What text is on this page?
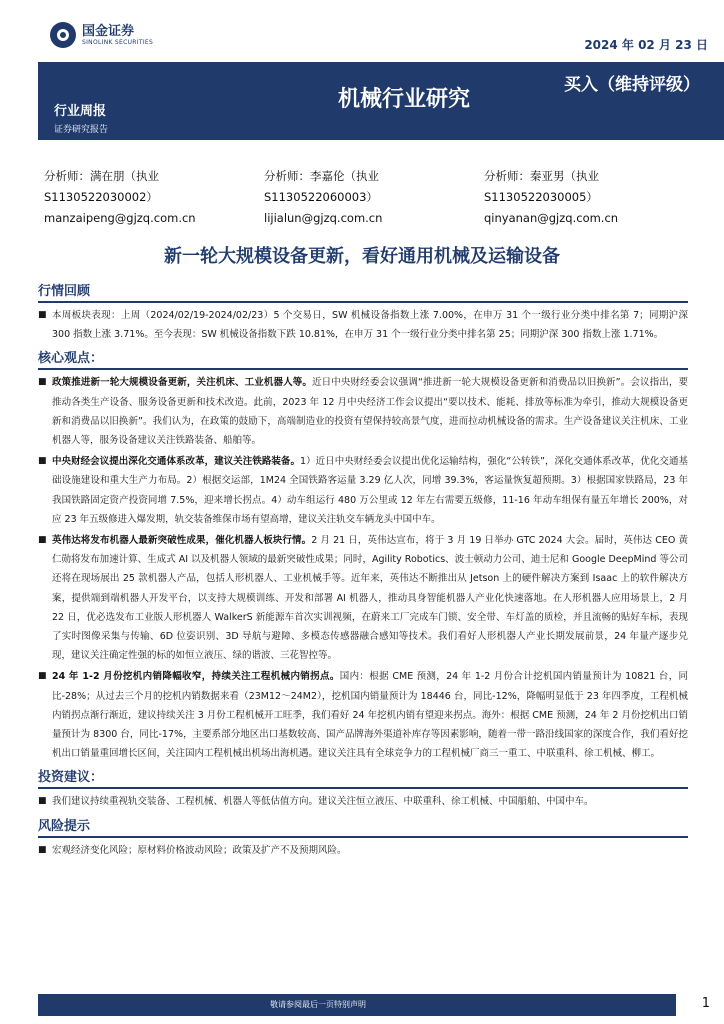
国金证券
SINOLINK SECURITIES	2024 年 02 月 23 日
买入（维持评级）
机械行业研究
行业周报
证券研究报告
分析师：满在朋（执业
S1130522030002）
manzaipeng@gjzq.com.cn
分析师：李嘉伦（执业
S1130522060003）
lijialun@gjzq.com.cn
分析师：秦亚男（执业
S1130522030005）
qinyanan@gjzq.com.cn
新一轮大规模设备更新，看好通用机械及运输设备
行情回顾
■ 本周板块表现：上周（2024/02/19-2024/02/23）5 个交易日，SW 机械设备指数上涨 7.00%，在申万 31 个一级行业分类中排名第 7；同期沪深 300 指数上涨 3.71%。至今表现：SW 机械设备指数下跌 10.81%，在申万 31 个一级行业分类中排名第 25；同期沪深 300 指数上涨 1.71%。
核心观点：
■ 政策推进新一轮大规模设备更新，关注机床、工业机器人等。近日中央财经委会议强调“推进新一轮大规模设备更新和消费品以旧换新”。会议指出，要推动各类生产设备、服务设备更新和技术改造。此前，2023 年 12 月中央经济工作会议提出“要以技术、能耗、排放等标准为牵引，推动大规模设备更新和消费品以旧换新”。我们认为，在政策的鼓励下，高端制造业的投资有望保持较高景气度，进而拉动机械设备的需求。生产设备建议关注机床、工业机器人等，服务设备建议关注铁路装备、船舶等。
■ 中央财经会议提出深化交通体系改革，建议关注铁路装备。1）近日中央财经委会议提出优化运输结构，强化“公转铁”，深化交通体系改革，优化交通基础设施建设和重大生产力布局。2）根据交运部，1M24 全国铁路客运量 3.29 亿人次，同增 39.3%，客运量恢复超预期。3）根据国家铁路局，23 年我国铁路固定资产投资同增 7.5%，迎来增长拐点。4）动车组运行 480 万公里或 12 年左右需要五级修，11-16 年动车组保有量五年增长 200%，对应 23 年五级修进入爆发期，轨交装备维保市场有望高增，建议关注轨交车辆龙头中国中车。
■ 英伟达将发布机器人最新突破性成果，催化机器人板块行情。2 月 21 日，英伟达宣布，将于 3 月 19 日举办 GTC 2024 大会。届时，英伟达 CEO 黄仁勋将发布加速计算、生成式 AI 以及机器人领域的最新突破性成果；同时，Agility Robotics、波士顿动力公司、迪士尼和 Google DeepMind 等公司还将在现场展出 25 款机器人产品，包括人形机器人、工业机械手等。近年来，英伟达不断推出从 Jetson 上的硬件解决方案到 Isaac 上的软件解决方案，提供端到端机器人开发平台，以支持大规模训练、开发和部署 AI 机器人，推动具身智能机器人产业化快速落地。在人形机器人应用场景上，2 月 22 日，优必选发布工业版人形机器人 WalkerS 新能源车首次实训视频，在蔚来工厂完成车门锁、安全带、车灯盖的质检，并且流畅的贴好车标，表现了实时图像采集与传输、6D 位姿识别、3D 导航与避障、多模态传感器融合感知等技术。我们看好人形机器人产业长期发展前景，24 年量产逐步兑现，建议关注确定性强的标的如恒立液压、绿的谐波、三花智控等。
■ 24 年 1-2 月份挖机内销降幅收窄，持续关注工程机械内销拐点。国内：根据 CME 预测，24 年 1-2 月份合计挖机国内销量预计为 10821 台，同比-28%；从过去三个月的挖机内销数据来看（23M12～24M2），挖机国内销量预计为 18446 台，同比-12%，降幅明显低于 23 年四季度，工程机械内销拐点渐行渐近，建议持续关注 3 月份工程机械开工旺季，我们看好 24 年挖机内销有望迎来拐点。海外：根据 CME 预测，24 年 2 月份挖机出口销量预计为 8300 台，同比-17%，主要系部分地区出口基数较高、国产品牌海外渠道补库存等因素影响，随着一带一路沿线国家的深度合作，我们看好挖机出口销量重回增长区间，关注国内工程机械出机场出海机遇。建议关注具有全球竞争力的工程机械厂商三一重工、中联重科、徐工机械、柳工。
投资建议：
■ 我们建议持续重视轨交装备、工程机械、机器人等低估值方向。建议关注恒立液压、中联重科、徐工机械、中国船舶、中国中车。
风险提示
■ 宏观经济变化风险；原材料价格波动风险；政策及扩产不及预期风险。
敬请参阅最后一页特别声明	1
